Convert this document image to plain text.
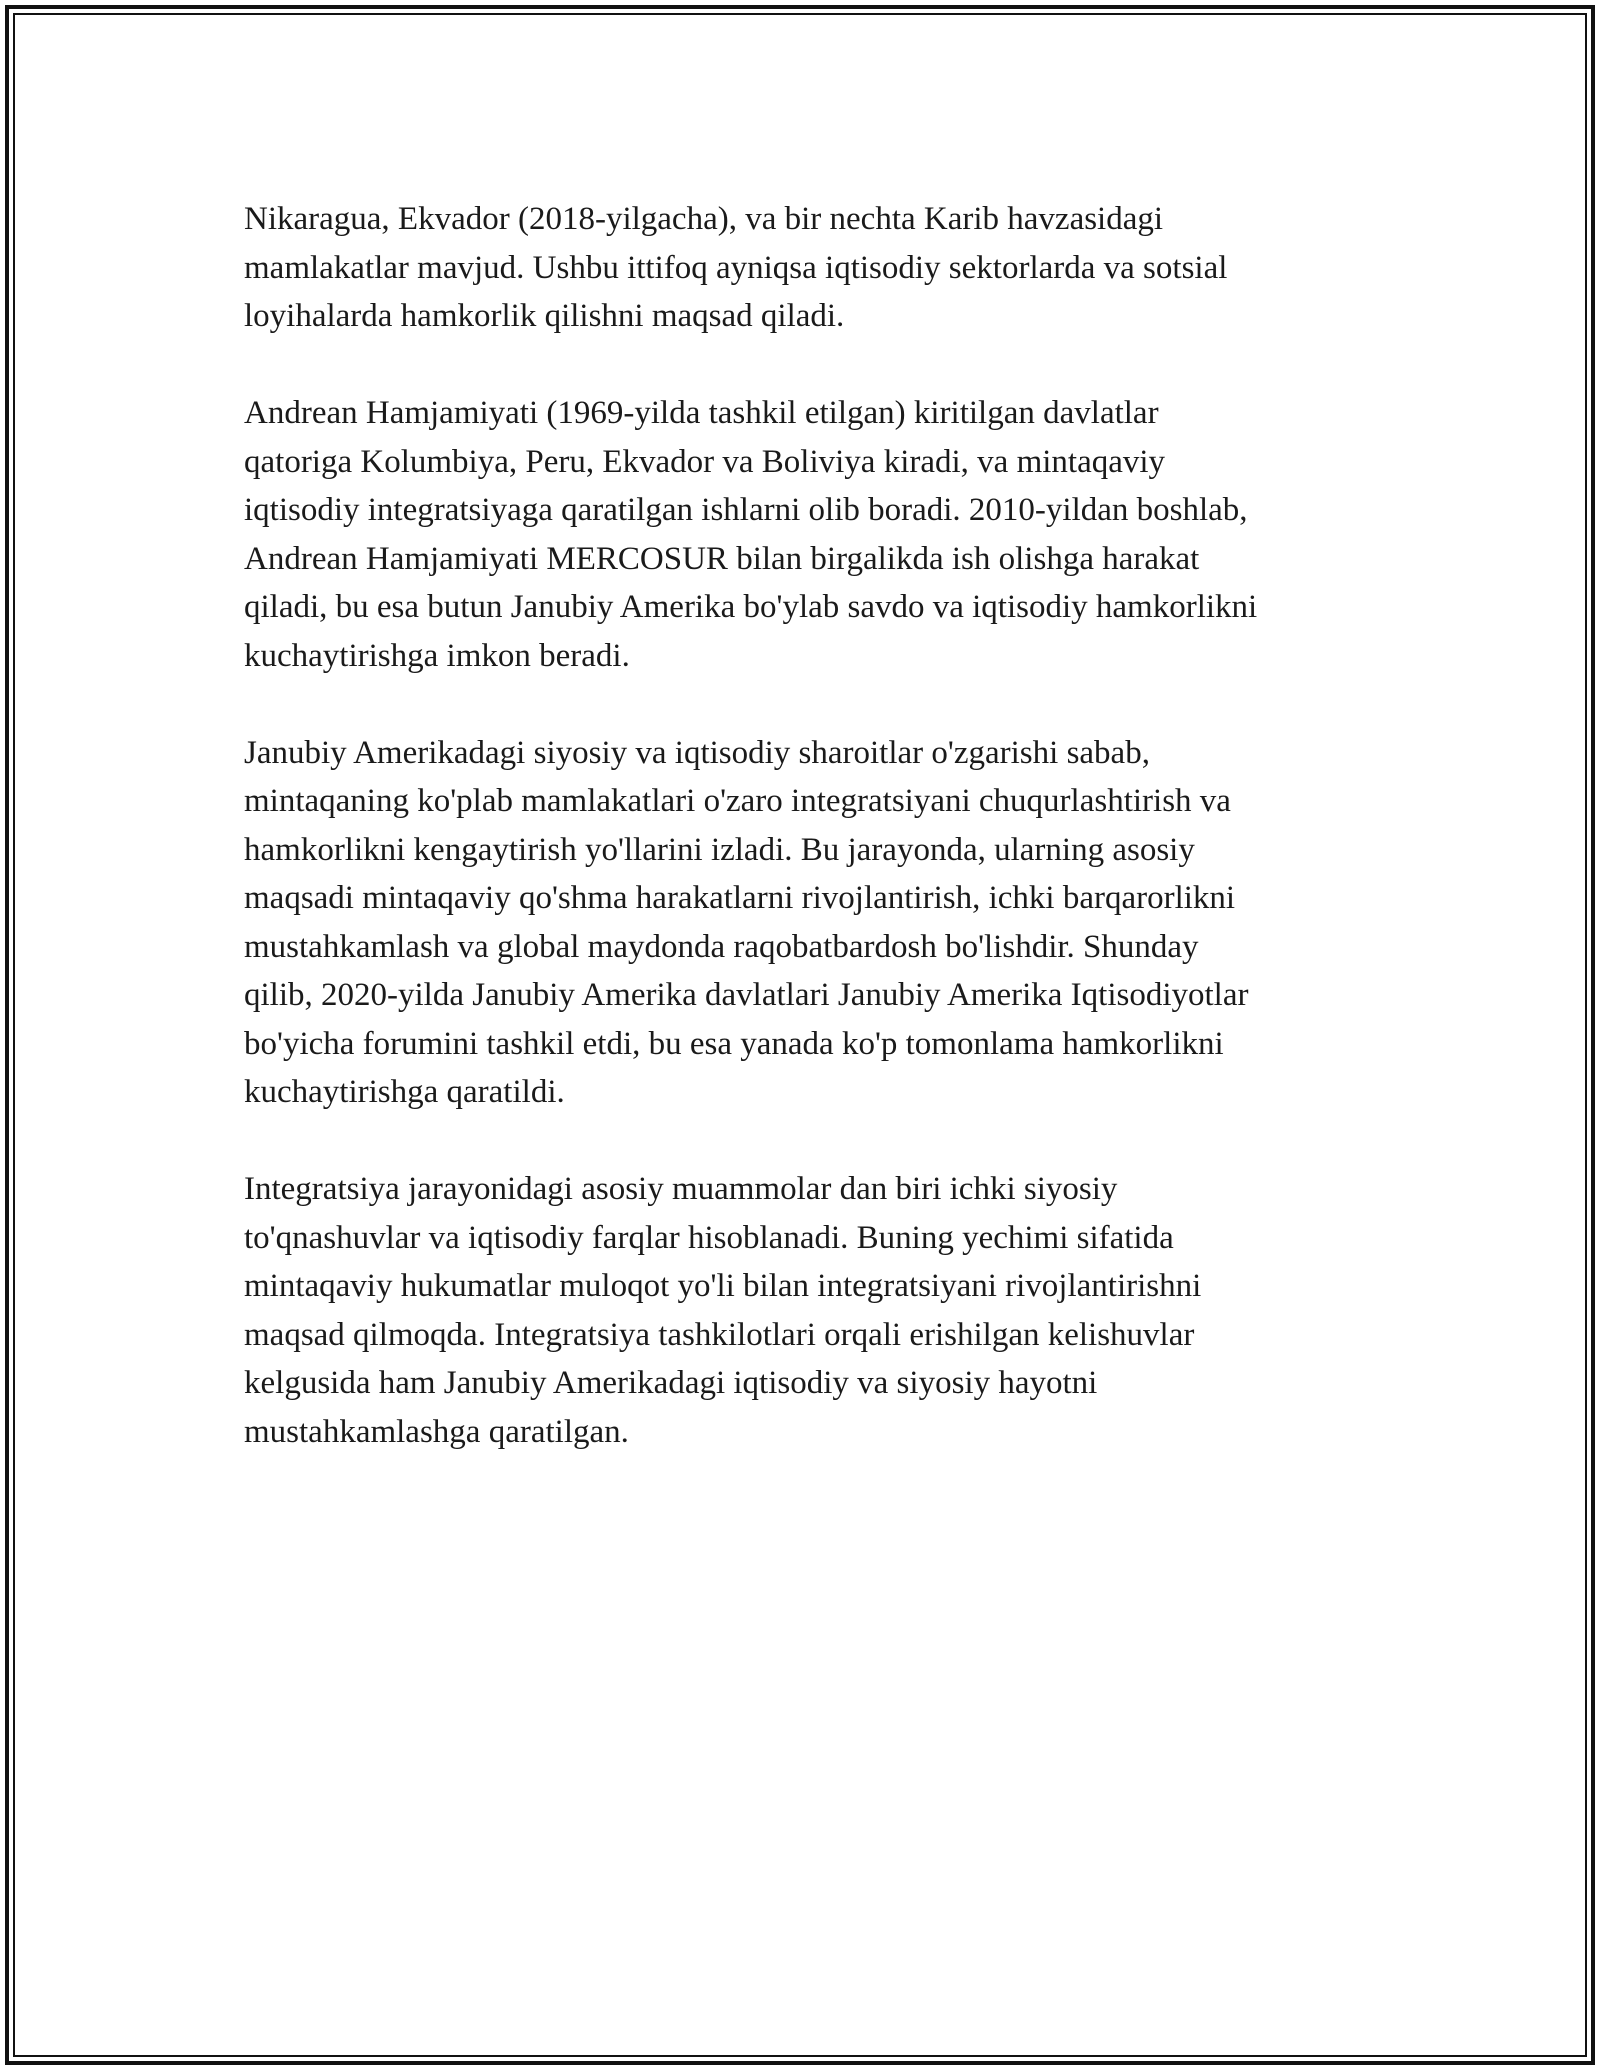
Nikaragua, Ekvador (2018-yilgacha), va bir nechta Karib havzasidagi
mamlakatlar mavjud. Ushbu ittifoq ayniqsa iqtisodiy sektorlarda va sotsial
loyihalarda hamkorlik qilishni maqsad qiladi.

Andrean Hamjamiyati (1969-yilda tashkil etilgan) kiritilgan davlatlar
qatoriga Kolumbiya, Peru, Ekvador va Boliviya kiradi, va mintaqaviy
iqtisodiy integratsiyaga qaratilgan ishlarni olib boradi. 2010-yildan boshlab,
Andrean Hamjamiyati MERCOSUR bilan birgalikda ish olishga harakat
qiladi, bu esa butun Janubiy Amerika bo'ylab savdo va iqtisodiy hamkorlikni
kuchaytirishga imkon beradi.

Janubiy Amerikadagi siyosiy va iqtisodiy sharoitlar o'zgarishi sabab,
mintaqaning ko'plab mamlakatlari o'zaro integratsiyani chuqurlashtirish va
hamkorlikni kengaytirish yo'llarini izladi. Bu jarayonda, ularning asosiy
maqsadi mintaqaviy qo'shma harakatlarni rivojlantirish, ichki barqarorlikni
mustahkamlash va global maydonda raqobatbardosh bo'lishdir. Shunday
qilib, 2020-yilda Janubiy Amerika davlatlari Janubiy Amerika Iqtisodiyotlar
bo'yicha forumini tashkil etdi, bu esa yanada ko'p tomonlama hamkorlikni
kuchaytirishga qaratildi.

Integratsiya jarayonidagi asosiy muammolar dan biri ichki siyosiy
to'qnashuvlar va iqtisodiy farqlar hisoblanadi. Buning yechimi sifatida
mintaqaviy hukumatlar muloqot yo'li bilan integratsiyani rivojlantirishni
maqsad qilmoqda. Integratsiya tashkilotlari orqali erishilgan kelishuvlar
kelgusida ham Janubiy Amerikadagi iqtisodiy va siyosiy hayotni
mustahkamlashga qaratilgan.
